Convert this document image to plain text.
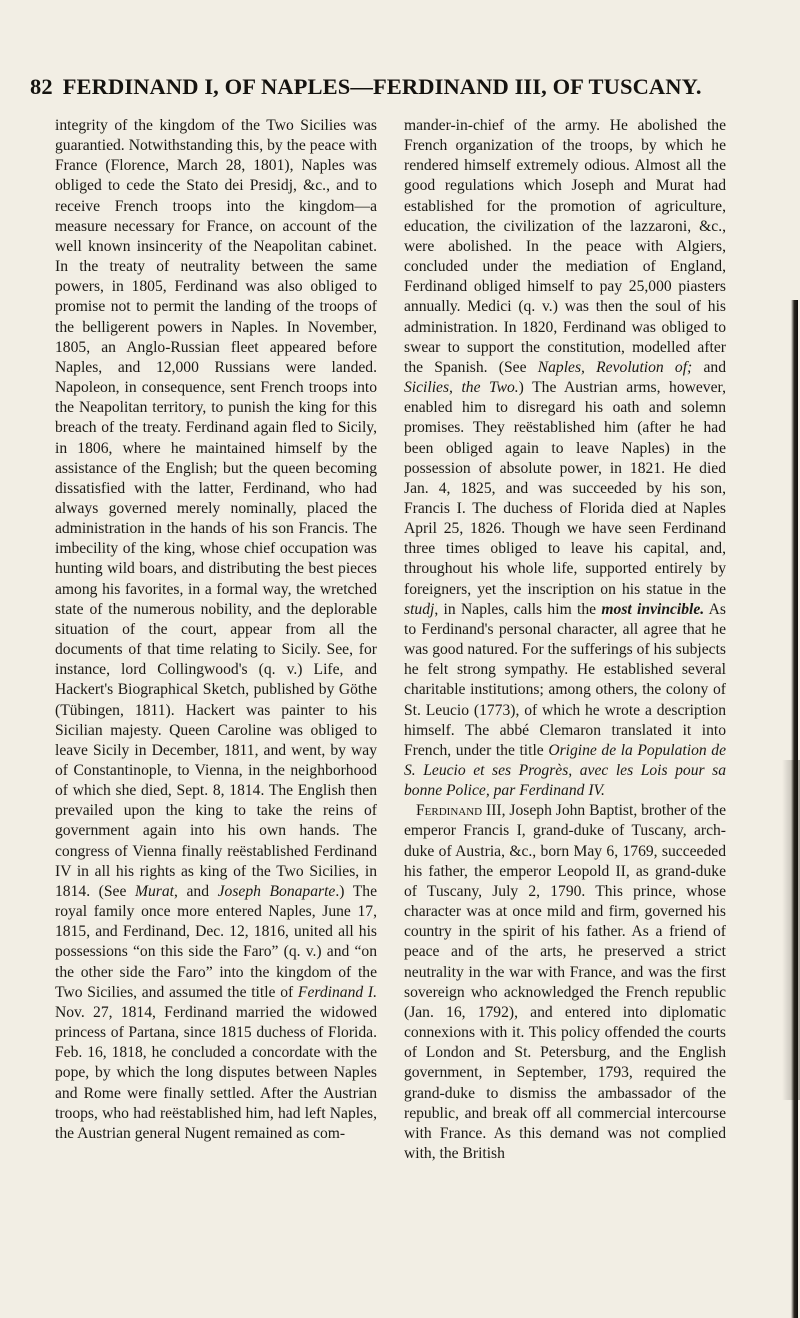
82 FERDINAND I, OF NAPLES—FERDINAND III, OF TUSCANY.

integrity of the kingdom of the Two Sicilies was guarantied. Notwithstanding this, by the peace with France (Florence, March 28, 1801), Naples was obliged to cede the Stato dei Presidj, &c., and to receive French troops into the kingdom—a measure necessary for France, on account of the well known insincerity of the Neapolitan cabinet. In the treaty of neutrality between the same powers, in 1805, Ferdinand was also obliged to promise not to permit the landing of the troops of the belligerent powers in Naples. In November, 1805, an Anglo-Russian fleet appeared before Naples, and 12,000 Russians were landed. Napoleon, in consequence, sent French troops into the Neapolitan territory, to punish the king for this breach of the treaty. Ferdinand again fled to Sicily, in 1806, where he maintained himself by the assistance of the English; but the queen becoming dissatisfied with the latter, Ferdinand, who had always governed merely nominally, placed the administration in the hands of his son Francis. The imbecility of the king, whose chief occupation was hunting wild boars, and distributing the best pieces among his favorites, in a formal way, the wretched state of the numerous nobility, and the deplorable situation of the court, appear from all the documents of that time relating to Sicily. See, for instance, lord Collingwood's (q. v.) Life, and Hackert's Biographical Sketch, published by Göthe (Tübingen, 1811). Hackert was painter to his Sicilian majesty. Queen Caroline was obliged to leave Sicily in December, 1811, and went, by way of Constantinople, to Vienna, in the neighborhood of which she died, Sept. 8, 1814. The English then prevailed upon the king to take the reins of government again into his own hands. The congress of Vienna finally reëstablished Ferdinand IV in all his rights as king of the Two Sicilies, in 1814. (See Murat, and Joseph Bonaparte.) The royal family once more entered Naples, June 17, 1815, and Ferdinand, Dec. 12, 1816, united all his possessions “on this side the Faro” (q. v.) and “on the other side the Faro” into the kingdom of the Two Sicilies, and assumed the title of Ferdinand I. Nov. 27, 1814, Ferdinand married the widowed princess of Partana, since 1815 duchess of Florida. Feb. 16, 1818, he concluded a concordate with the pope, by which the long disputes between Naples and Rome were finally settled. After the Austrian troops, who had reëstablished him, had left Naples, the Austrian general Nugent remained as com-

mander-in-chief of the army. He abolished the French organization of the troops, by which he rendered himself extremely odious. Almost all the good regulations which Joseph and Murat had established for the promotion of agriculture, education, the civilization of the lazzaroni, &c., were abolished. In the peace with Algiers, concluded under the mediation of England, Ferdinand obliged himself to pay 25,000 piasters annually. Medici (q. v.) was then the soul of his administration. In 1820, Ferdinand was obliged to swear to support the constitution, modelled after the Spanish. (See Naples, Revolution of; and Sicilies, the Two.) The Austrian arms, however, enabled him to disregard his oath and solemn promises. They reëstablished him (after he had been obliged again to leave Naples) in the possession of absolute power, in 1821. He died Jan. 4, 1825, and was succeeded by his son, Francis I. The duchess of Florida died at Naples April 25, 1826. Though we have seen Ferdinand three times obliged to leave his capital, and, throughout his whole life, supported entirely by foreigners, yet the inscription on his statue in the studj, in Naples, calls him the most invincible. As to Ferdinand's personal character, all agree that he was good natured. For the sufferings of his subjects he felt strong sympathy. He established several charitable institutions; among others, the colony of St. Leucio (1773), of which he wrote a description himself. The abbé Clemaron translated it into French, under the title Origine de la Population de S. Leucio et ses Progrès, avec les Lois pour sa bonne Police, par Ferdinand IV.

Ferdinand III, Joseph John Baptist, brother of the emperor Francis I, grand-duke of Tuscany, arch-duke of Austria, &c., born May 6, 1769, succeeded his father, the emperor Leopold II, as grand-duke of Tuscany, July 2, 1790. This prince, whose character was at once mild and firm, governed his country in the spirit of his father. As a friend of peace and of the arts, he preserved a strict neutrality in the war with France, and was the first sovereign who acknowledged the French republic (Jan. 16, 1792), and entered into diplomatic connexions with it. This policy offended the courts of London and St. Petersburg, and the English government, in September, 1793, required the grand-duke to dismiss the ambassador of the republic, and break off all commercial intercourse with France. As this demand was not complied with, the British
